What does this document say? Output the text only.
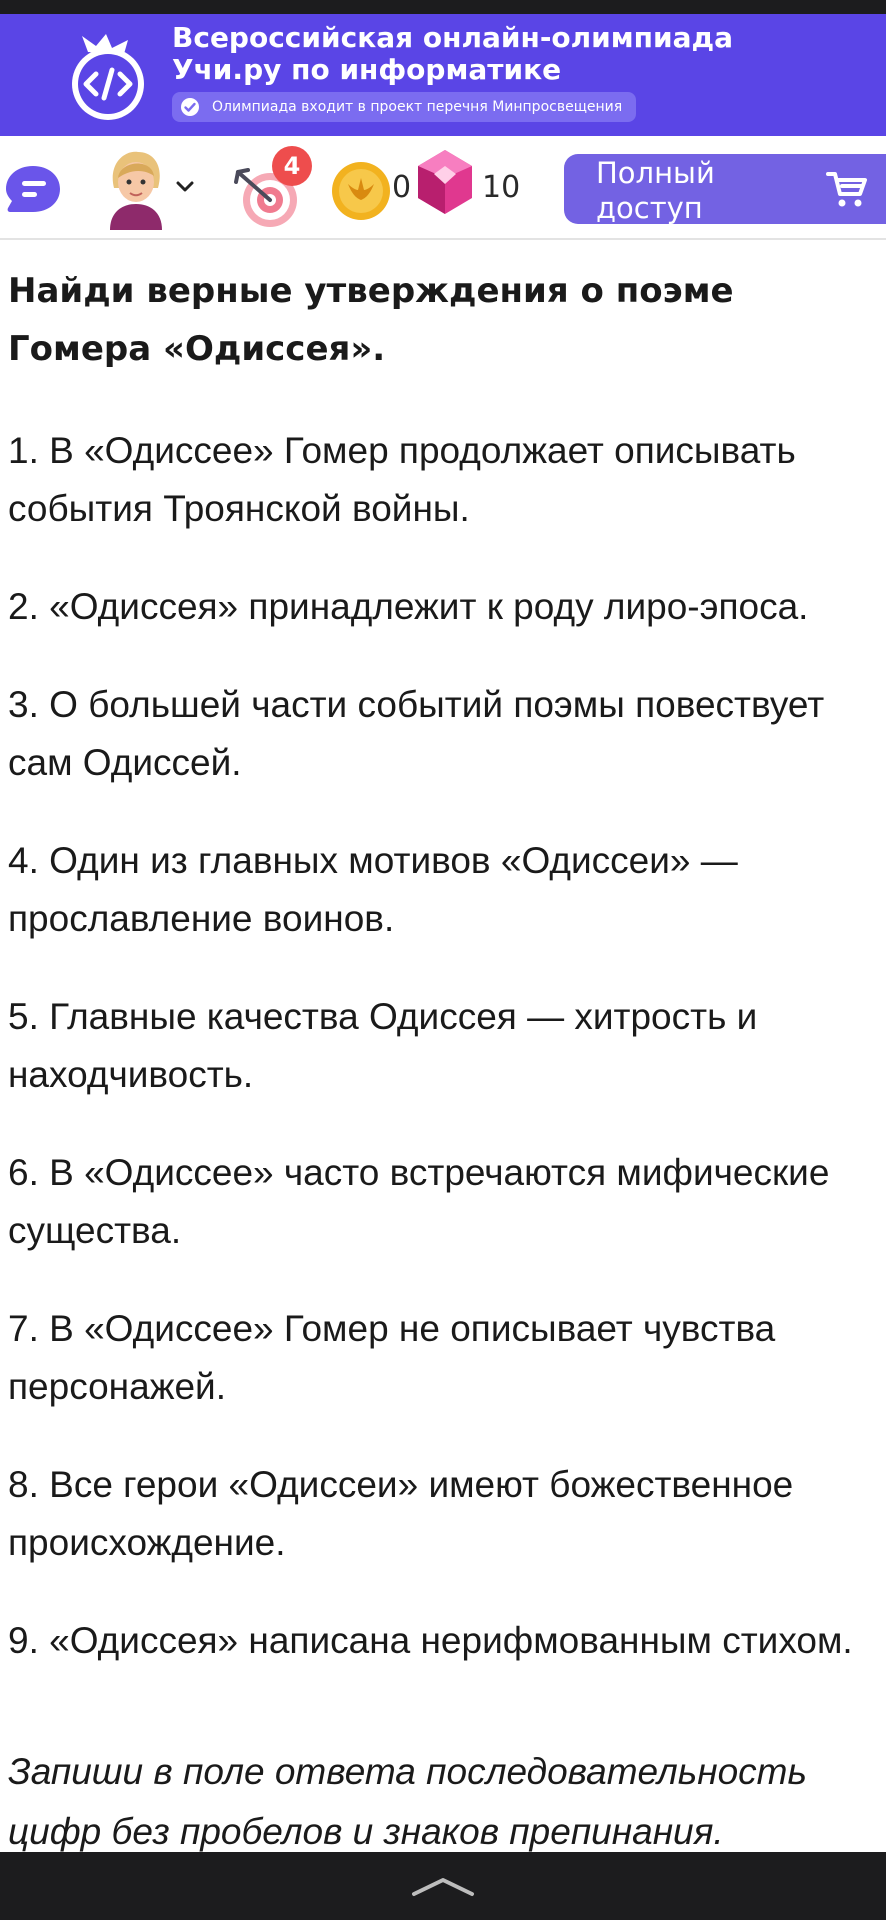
Всероссийская онлайн-олимпиада
Учи.ру по информатике
Олимпиада входит в проект перечня Минпросвещения
4
0 10	Полный доступ

Найди верные утверждения о поэме Гомера «Одиссея».

1. В «Одиссее» Гомер продолжает описывать события Троянской войны.

2. «Одиссея» принадлежит к роду лиро-эпоса.

3. О большей части событий поэмы повествует сам Одиссей.

4. Один из главных мотивов «Одиссеи» — прославление воинов.

5. Главные качества Одиссея — хитрость и находчивость.

6. В «Одиссее» часто встречаются мифические существа.

7. В «Одиссее» Гомер не описывает чувства персонажей.

8. Все герои «Одиссеи» имеют божественное происхождение.

9. «Одиссея» написана нерифмованным стихом.

Запиши в поле ответа последовательность цифр без пробелов и знаков препинания.
